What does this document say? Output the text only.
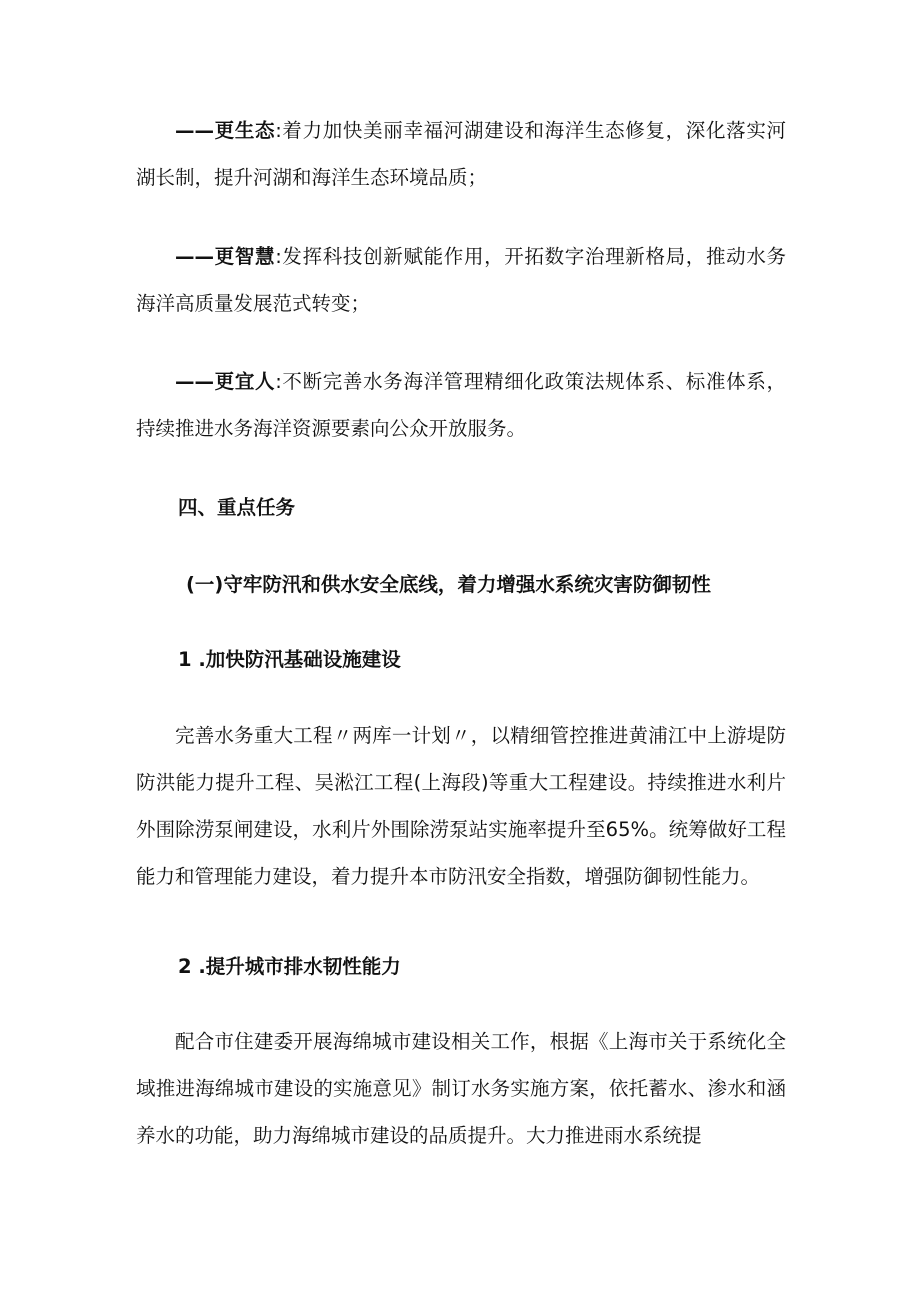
——更生态:着力加快美丽幸福河湖建设和海洋生态修复，深化落实河湖长制，提升河湖和海洋生态环境品质；

——更智慧:发挥科技创新赋能作用，开拓数字治理新格局，推动水务海洋高质量发展范式转变；

——更宜人:不断完善水务海洋管理精细化政策法规体系、标准体系，持续推进水务海洋资源要素向公众开放服务。

四、重点任务
(一)守牢防汛和供水安全底线，着力增强水系统灾害防御韧性
1 .加快防汛基础设施建设

完善水务重大工程〃两库一计划〃，以精细管控推进黄浦江中上游堤防防洪能力提升工程、吴淞江工程(上海段)等重大工程建设。持续推进水利片外围除涝泵闸建设，水利片外围除涝泵站实施率提升至65%。统筹做好工程能力和管理能力建设，着力提升本市防汛安全指数，增强防御韧性能力。

2 .提升城市排水韧性能力

配合市住建委开展海绵城市建设相关工作，根据《上海市关于系统化全域推进海绵城市建设的实施意见》制订水务实施方案，依托蓄水、渗水和涵养水的功能，助力海绵城市建设的品质提升。大力推进雨水系统提
